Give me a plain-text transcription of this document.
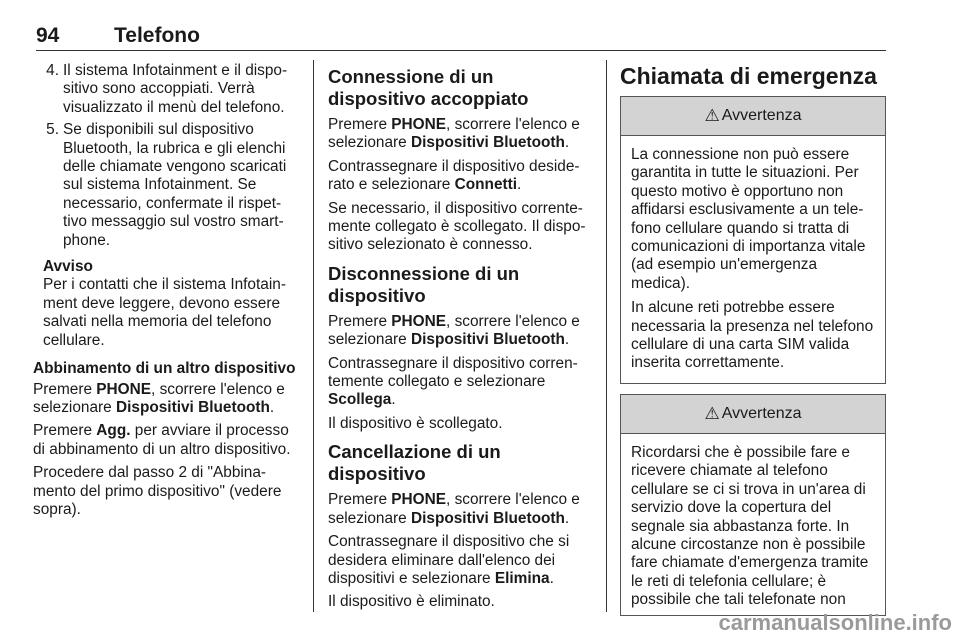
94	Telefono
4. Il sistema Infotainment e il dispositivo sono accoppiati. Verrà visualizzato il menù del telefono.
5. Se disponibili sul dispositivo Bluetooth, la rubrica e gli elenchi delle chiamate vengono scaricati sul sistema Infotainment. Se necessario, confermate il rispettivo messaggio sul vostro smartphone.
Avviso
Per i contatti che il sistema Infotainment deve leggere, devono essere salvati nella memoria del telefono cellulare.
Abbinamento di un altro dispositivo

Premere PHONE, scorrere l'elenco e selezionare Dispositivi Bluetooth.

Premere Agg. per avviare il processo di abbinamento di un altro dispositivo.

Procedere dal passo 2 di "Abbinamento del primo dispositivo" (vedere sopra).

Connessione di un dispositivo accoppiato

Premere PHONE, scorrere l'elenco e selezionare Dispositivi Bluetooth.

Contrassegnare il dispositivo desiderato e selezionare Connetti.

Se necessario, il dispositivo correntemente collegato è scollegato. Il dispositivo selezionato è connesso.

Disconnessione di un dispositivo

Premere PHONE, scorrere l'elenco e selezionare Dispositivi Bluetooth.

Contrassegnare il dispositivo correntemente collegato e selezionare Scollega.

Il dispositivo è scollegato.

Cancellazione di un dispositivo

Premere PHONE, scorrere l'elenco e selezionare Dispositivi Bluetooth.

Contrassegnare il dispositivo che si desidera eliminare dall'elenco dei dispositivi e selezionare Elimina.

Il dispositivo è eliminato.

Chiamata di emergenza
⚠ Avvertenza

La connessione non può essere garantita in tutte le situazioni. Per questo motivo è opportuno non affidarsi esclusivamente a un telefono cellulare quando si tratta di comunicazioni di importanza vitale (ad esempio un'emergenza medica).

In alcune reti potrebbe essere necessaria la presenza nel telefono cellulare di una carta SIM valida inserita correttamente.

⚠ Avvertenza

Ricordarsi che è possibile fare e ricevere chiamate al telefono cellulare se ci si trova in un'area di servizio dove la copertura del segnale sia abbastanza forte. In alcune circostanze non è possibile fare chiamate d'emergenza tramite le reti di telefonia cellulare; è possibile che tali telefonate non

carmanualsonline.info
